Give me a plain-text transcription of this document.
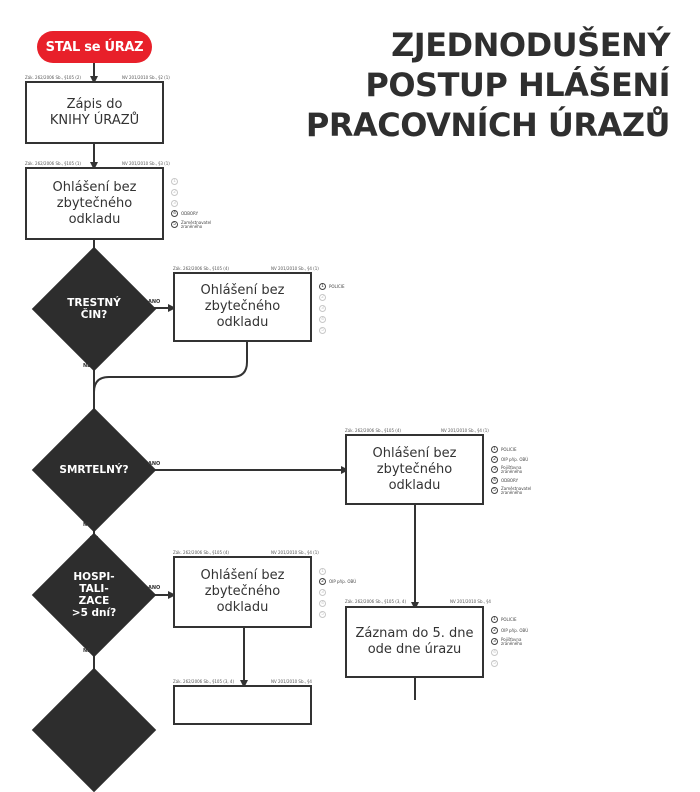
ZJEDNODUŠENÝ
POSTUP HLÁŠENÍ
PRACOVNÍCH ÚRAZŮ
STAL se ÚRAZ
Zák. 262/2006 Sb., §105 (2)	NV 201/2010 Sb., §2 (1)
Zápis do
KNIHY ÚRAZŮ
Zák. 262/2006 Sb., §105 (1)	NV 201/2010 Sb., §3 (1)
Ohlášení bez
zbytečného
odkladu
1
2
3
4	ODBORY
5	Zaměstnavatel
zraněného
TRESTNÝ
ČIN?
ANO
NE
Zák. 262/2006 Sb., §105 (4)	NV 201/2010 Sb., §4 (1)
Ohlášení bez
zbytečného
odkladu
1	POLICIE
2
3
4
5
SMRTELNÝ?	ANO
NE
Zák. 262/2006 Sb., §105 (4)	NV 201/2010 Sb., §4 (1)
Ohlášení bez
zbytečného
odkladu
1	POLICIE
2	OIP příp. OBÚ
3	Pojišťovna
zraněného
4	ODBORY
5	Zaměstnavatel
zraněného
HOSPI-
TALI-
ZACE
>5 dní?
ANO
NE
Zák. 262/2006 Sb., §105 (4)	NV 201/2010 Sb., §4 (1)
Ohlášení bez
zbytečného
odkladu
1
2	OIP příp. OBÚ
3
4
5
Zák. 262/2006 Sb., §105 (3, 4)	NV 201/2010 Sb., §4
Záznam do 5. dne
ode dne úrazu
1	POLICIE
2	OIP příp. OBÚ
3	Pojišťovna
zraněného
4
5
Zák. 262/2006 Sb., §105 (3, 4)	NV 201/2010 Sb., §4
